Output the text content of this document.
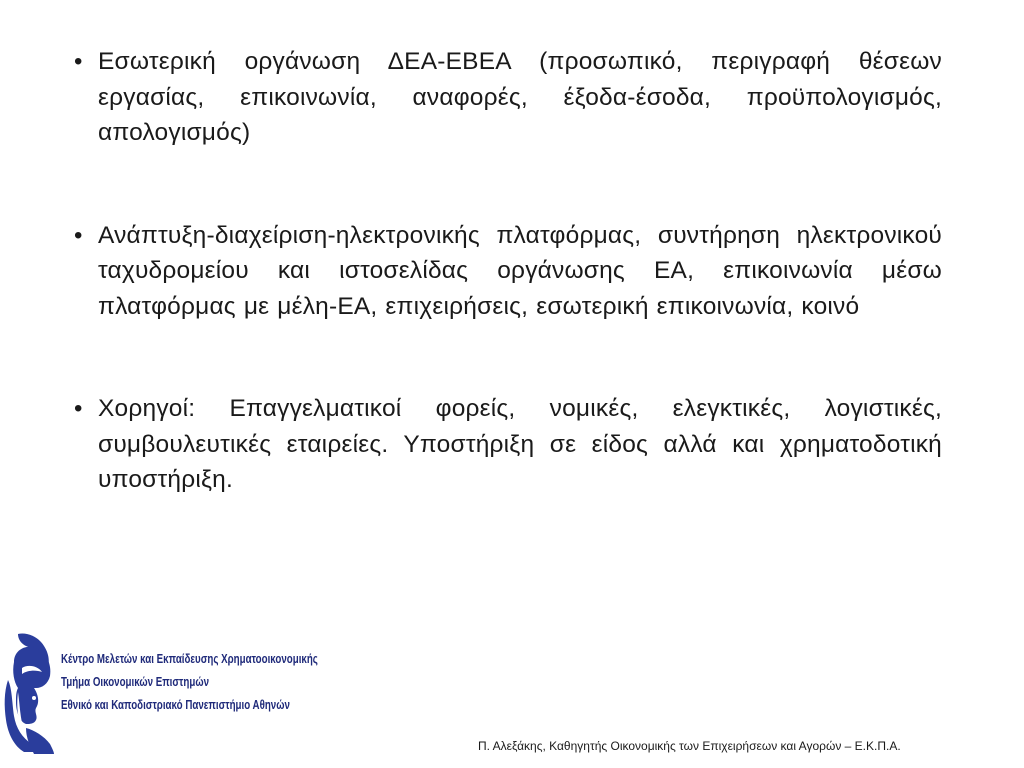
• Εσωτερική οργάνωση ΔΕΑ-ΕΒΕΑ (προσωπικό, περιγραφή θέσεων εργασίας, επικοινωνία, αναφορές, έξοδα-έσοδα, προϋπολογισμός, απολογισμός)
• Ανάπτυξη-διαχείριση-ηλεκτρονικής πλατφόρμας, συντήρηση ηλεκτρονικού ταχυδρομείου και ιστοσελίδας οργάνωσης ΕΑ, επικοινωνία μέσω πλατφόρμας με μέλη-ΕΑ, επιχειρήσεις, εσωτερική επικοινωνία, κοινό
• Χορηγοί: Επαγγελματικοί φορείς, νομικές, ελεγκτικές, λογιστικές, συμβουλευτικές εταιρείες. Υποστήριξη σε είδος αλλά και χρηματοδοτική υποστήριξη.
Κέντρο Μελετών και Εκπαίδευσης Χρηματοοικονομικής
Τμήμα Οικονομικών Επιστημών
Εθνικό και Καποδιστριακό Πανεπιστήμιο Αθηνών
Π. Αλεξάκης, Καθηγητής Οικονομικής των Επιχειρήσεων και Αγορών – Ε.Κ.Π.Α.
